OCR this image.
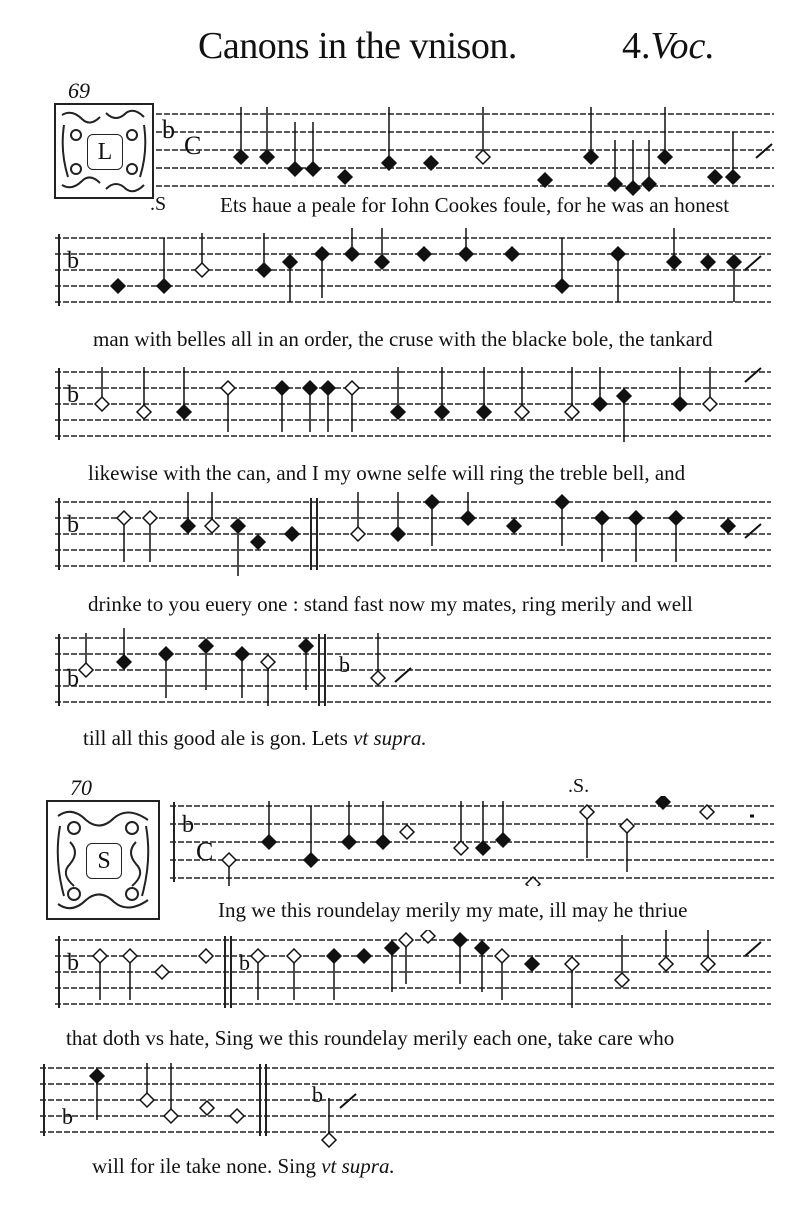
Canons in the vnison.	4.Voc.
69
L
.S
b
C
Ets haue a peale for Iohn Cookes foule, for he was an honest
b
man with belles all in an order, the cruse with the blacke bole, the tankard
b
likewise with the can, and I my owne selfe will ring the treble bell, and
b
drinke to you euery one : stand fast now my mates, ring merily and well
b
b
till all this good ale is gon. Lets vt supra.
70	.S.
S
b
C
Ing we this roundelay merily my mate, ill may he thriue
b	b
that doth vs hate, Sing we this roundelay merily each one, take care who
b
b
will for ile take none. Sing vt supra.
